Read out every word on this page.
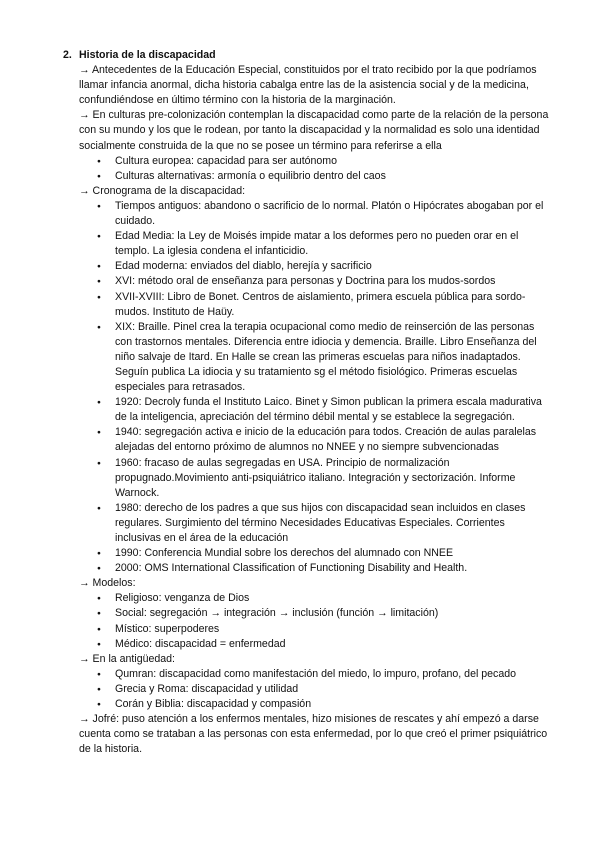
2. Historia de la discapacidad

→ Antecedentes de la Educación Especial, constituidos por el trato recibido por la que podríamos llamar infancia anormal, dicha historia cabalga entre las de la asistencia social y de la medicina, confundiéndose en último término con la historia de la marginación.

→ En culturas pre-colonización contemplan la discapacidad como parte de la relación de la persona con su mundo y los que le rodean, por tanto la discapacidad y la normalidad es solo una identidad socialmente construida de la que no se posee un término para referirse a ella

● Cultura europea: capacidad para ser autónomo
● Culturas alternativas: armonía o equilibrio dentro del caos

→ Cronograma de la discapacidad:

● Tiempos antiguos: abandono o sacrificio de lo normal. Platón o Hipócrates abogaban por el cuidado.
● Edad Media: la Ley de Moisés impide matar a los deformes pero no pueden orar en el templo. La iglesia condena el infanticidio.
● Edad moderna: enviados del diablo, herejía y sacrificio
● XVI: método oral de enseñanza para personas y Doctrina para los mudos-sordos
● XVII-XVIII: Libro de Bonet. Centros de aislamiento, primera escuela pública para sordo-mudos. Instituto de Haüy.
● XIX: Braille. Pinel crea la terapia ocupacional como medio de reinserción de las personas con trastornos mentales. Diferencia entre idiocia y demencia. Braille. Libro Enseñanza del niño salvaje de Itard. En Halle se crean las primeras escuelas para niños inadaptados. Seguín publica La idiocia y su tratamiento sg el método fisiológico. Primeras escuelas especiales para retrasados.
● 1920: Decroly funda el Instituto Laico. Binet y Simon publican la primera escala madurativa de la inteligencia, apreciación del término débil mental y se establece la segregación.
● 1940: segregación activa e inicio de la educación para todos. Creación de aulas paralelas alejadas del entorno próximo de alumnos no NNEE y no siempre subvencionadas
● 1960: fracaso de aulas segregadas en USA. Principio de normalización propugnado.Movimiento anti-psiquiátrico italiano. Integración y sectorización. Informe Warnock.
● 1980: derecho de los padres a que sus hijos con discapacidad sean incluidos en clases regulares. Surgimiento del término Necesidades Educativas Especiales. Corrientes inclusivas en el área de la educación
● 1990: Conferencia Mundial sobre los derechos del alumnado con NNEE
● 2000: OMS International Classification of Functioning Disability and Health.

→ Modelos:

● Religioso: venganza de Dios
● Social: segregación → integración → inclusión (función → limitación)
● Místico: superpoderes
● Médico: discapacidad = enfermedad

→ En la antigüedad:

● Qumran: discapacidad como manifestación del miedo, lo impuro, profano, del pecado
● Grecia y Roma: discapacidad y utilidad
● Corán y Biblia: discapacidad y compasión

→ Jofré: puso atención a los enfermos mentales, hizo misiones de rescates y ahí empezó a darse cuenta como se trataban a las personas con esta enfermedad, por lo que creó el primer psiquiátrico de la historia.
